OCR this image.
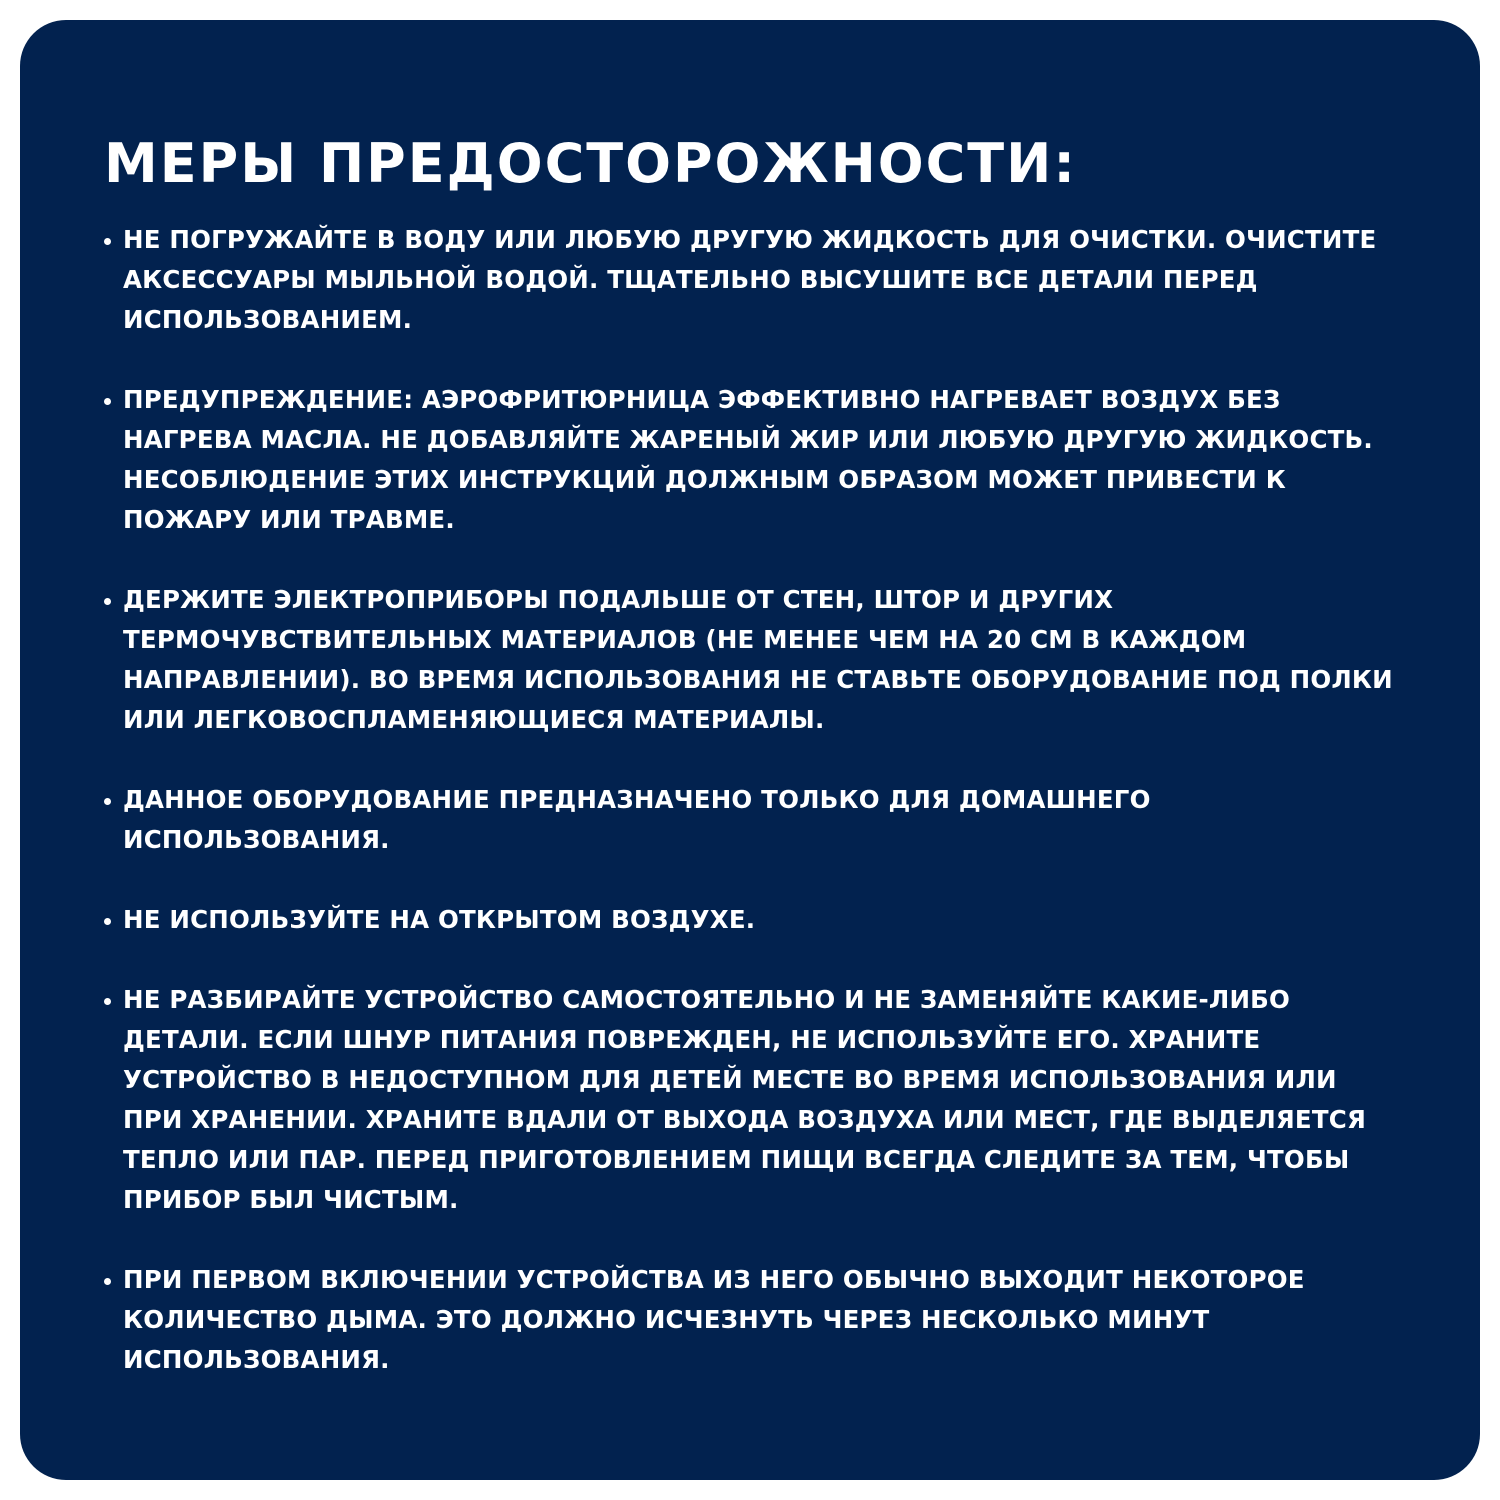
МЕРЫ ПРЕДОСТОРОЖНОСТИ:
НЕ ПОГРУЖАЙТЕ В ВОДУ ИЛИ ЛЮБУЮ ДРУГУЮ ЖИДКОСТЬ ДЛЯ ОЧИСТКИ. ОЧИСТИТЕ АКСЕССУАРЫ МЫЛЬНОЙ ВОДОЙ. ТЩАТЕЛЬНО ВЫСУШИТЕ ВСЕ ДЕТАЛИ ПЕРЕД ИСПОЛЬЗОВАНИЕМ.
ПРЕДУПРЕЖДЕНИЕ: АЭРОФРИТЮРНИЦА ЭФФЕКТИВНО НАГРЕВАЕТ ВОЗДУХ БЕЗ НАГРЕВА МАСЛА. НЕ ДОБАВЛЯЙТЕ ЖАРЕНЫЙ ЖИР ИЛИ ЛЮБУЮ ДРУГУЮ ЖИДКОСТЬ. НЕСОБЛЮДЕНИЕ ЭТИХ ИНСТРУКЦИЙ ДОЛЖНЫМ ОБРАЗОМ МОЖЕТ ПРИВЕСТИ К ПОЖАРУ ИЛИ ТРАВМЕ.
ДЕРЖИТЕ ЭЛЕКТРОПРИБОРЫ ПОДАЛЬШЕ ОТ СТЕН, ШТОР И ДРУГИХ ТЕРМОЧУВСТВИТЕЛЬНЫХ МАТЕРИАЛОВ (НЕ МЕНЕЕ ЧЕМ НА 20 СМ В КАЖДОМ НАПРАВЛЕНИИ). ВО ВРЕМЯ ИСПОЛЬЗОВАНИЯ НЕ СТАВЬТЕ ОБОРУДОВАНИЕ ПОД ПОЛКИ ИЛИ ЛЕГКОВОСПЛАМЕНЯЮЩИЕСЯ МАТЕРИАЛЫ.
ДАННОЕ ОБОРУДОВАНИЕ ПРЕДНАЗНАЧЕНО ТОЛЬКО ДЛЯ ДОМАШНЕГО ИСПОЛЬЗОВАНИЯ.
НЕ ИСПОЛЬЗУЙТЕ НА ОТКРЫТОМ ВОЗДУХЕ.
НЕ РАЗБИРАЙТЕ УСТРОЙСТВО САМОСТОЯТЕЛЬНО И НЕ ЗАМЕНЯЙТЕ КАКИЕ-ЛИБО ДЕТАЛИ. ЕСЛИ ШНУР ПИТАНИЯ ПОВРЕЖДЕН, НЕ ИСПОЛЬЗУЙТЕ ЕГО. ХРАНИТЕ УСТРОЙСТВО В НЕДОСТУПНОМ ДЛЯ ДЕТЕЙ МЕСТЕ ВО ВРЕМЯ ИСПОЛЬЗОВАНИЯ ИЛИ ПРИ ХРАНЕНИИ. ХРАНИТЕ ВДАЛИ ОТ ВЫХОДА ВОЗДУХА ИЛИ МЕСТ, ГДЕ ВЫДЕЛЯЕТСЯ ТЕПЛО ИЛИ ПАР. ПЕРЕД ПРИГОТОВЛЕНИЕМ ПИЩИ ВСЕГДА СЛЕДИТЕ ЗА ТЕМ, ЧТОБЫ ПРИБОР БЫЛ ЧИСТЫМ.
ПРИ ПЕРВОМ ВКЛЮЧЕНИИ УСТРОЙСТВА ИЗ НЕГО ОБЫЧНО ВЫХОДИТ НЕКОТОРОЕ КОЛИЧЕСТВО ДЫМА. ЭТО ДОЛЖНО ИСЧЕЗНУТЬ ЧЕРЕЗ НЕСКОЛЬКО МИНУТ ИСПОЛЬЗОВАНИЯ.
